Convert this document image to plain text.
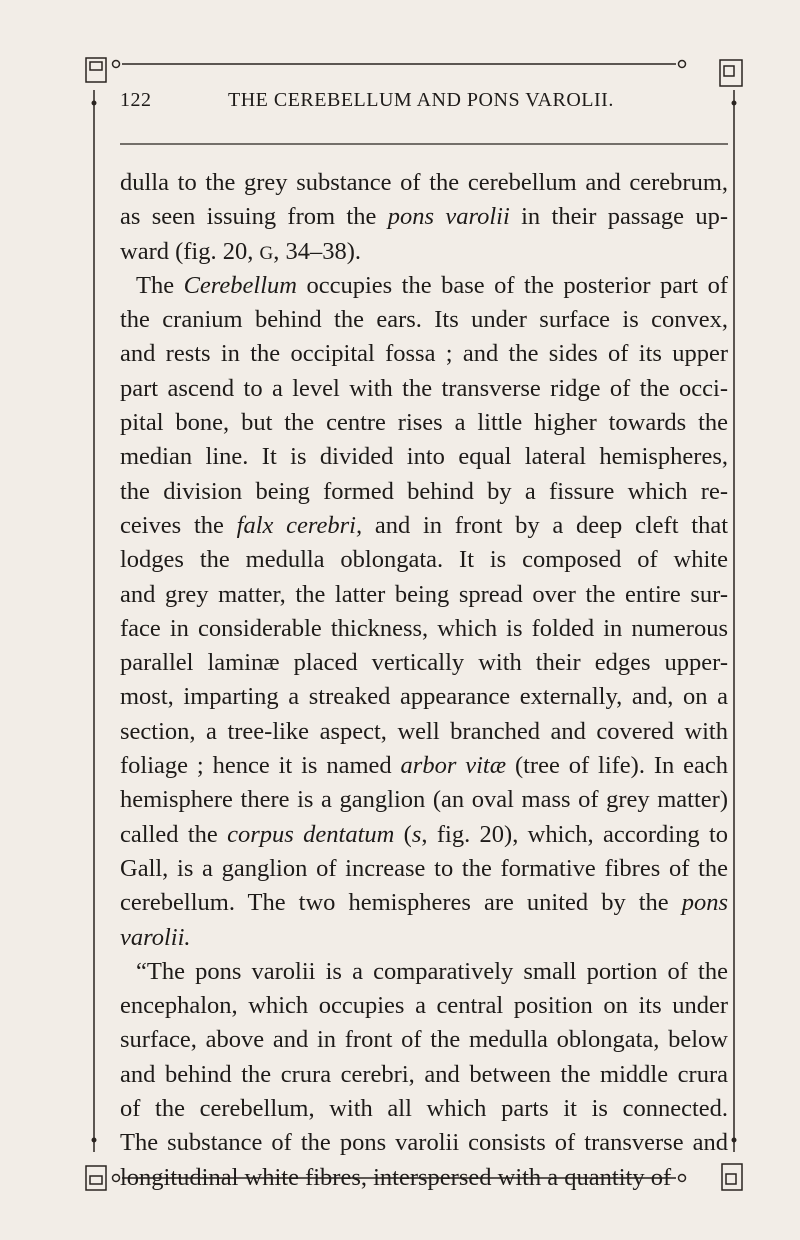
122	THE CEREBELLUM AND PONS VAROLII.
dulla to the grey substance of the cerebellum and cerebrum,
as seen issuing from the pons varolii in their passage up-
ward (fig. 20, G, 34–38).
The Cerebellum occupies the base of the posterior part of
the cranium behind the ears. Its under surface is convex,
and rests in the occipital fossa ; and the sides of its upper
part ascend to a level with the transverse ridge of the occi-
pital bone, but the centre rises a little higher towards the
median line. It is divided into equal lateral hemispheres,
the division being formed behind by a fissure which re-
ceives the falx cerebri, and in front by a deep cleft that
lodges the medulla oblongata. It is composed of white
and grey matter, the latter being spread over the entire sur-
face in considerable thickness, which is folded in numerous
parallel laminæ placed vertically with their edges upper-
most, imparting a streaked appearance externally, and, on a
section, a tree-like aspect, well branched and covered with
foliage ; hence it is named arbor vitæ (tree of life). In each
hemisphere there is a ganglion (an oval mass of grey matter)
called the corpus dentatum (s, fig. 20), which, according to
Gall, is a ganglion of increase to the formative fibres of the
cerebellum. The two hemispheres are united by the pons
varolii.
“The pons varolii is a comparatively small portion of the
encephalon, which occupies a central position on its under
surface, above and in front of the medulla oblongata, below
and behind the crura cerebri, and between the middle crura
of the cerebellum, with all which parts it is connected.
The substance of the pons varolii consists of transverse and
longitudinal white fibres, interspersed with a quantity of
